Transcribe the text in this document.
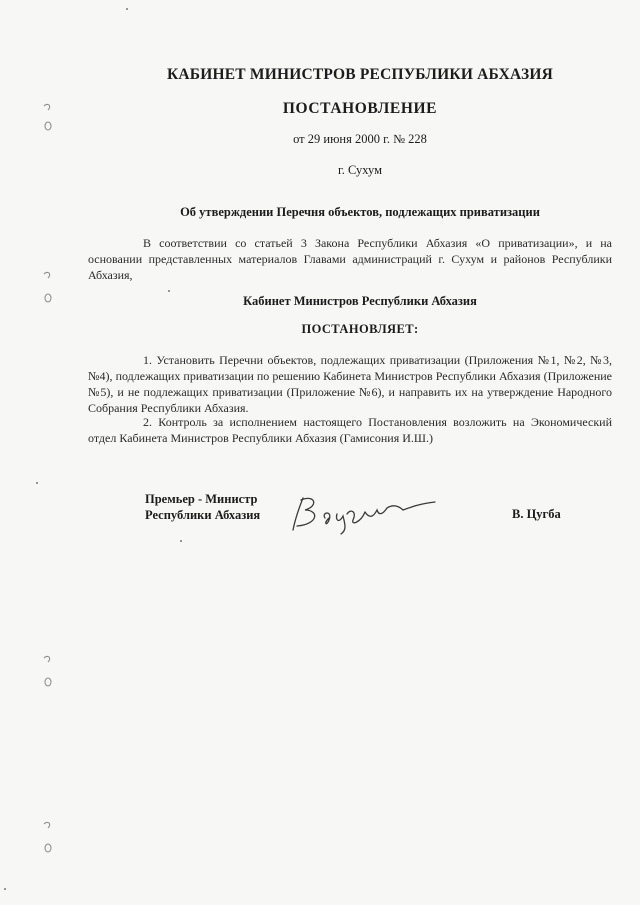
КАБИНЕТ МИНИСТРОВ РЕСПУБЛИКИ АБХАЗИЯ
ПОСТАНОВЛЕНИЕ
от 29 июня 2000 г. № 228
г. Сухум
Об утверждении Перечня объектов, подлежащих приватизации
В соответствии со статьей 3 Закона Республики Абхазия «О приватизации», и на основании представленных материалов Главами администраций г. Сухум и районов Республики Абхазия,
Кабинет Министров Республики Абхазия
ПОСТАНОВЛЯЕТ:
1. Установить Перечни объектов, подлежащих приватизации (Приложения №1, №2, №3, №4), подлежащих приватизации по решению Кабинета Министров Республики Абхазия (Приложение №5), и не подлежащих приватизации (Приложение №6), и направить их на утверждение Народного Собрания Республики Абхазия.
2. Контроль за исполнением настоящего Постановления возложить на Экономический отдел Кабинета Министров Республики Абхазия (Гамисония И.Ш.)
Премьер - Министр
Республики Абхазия	В. Цугба
